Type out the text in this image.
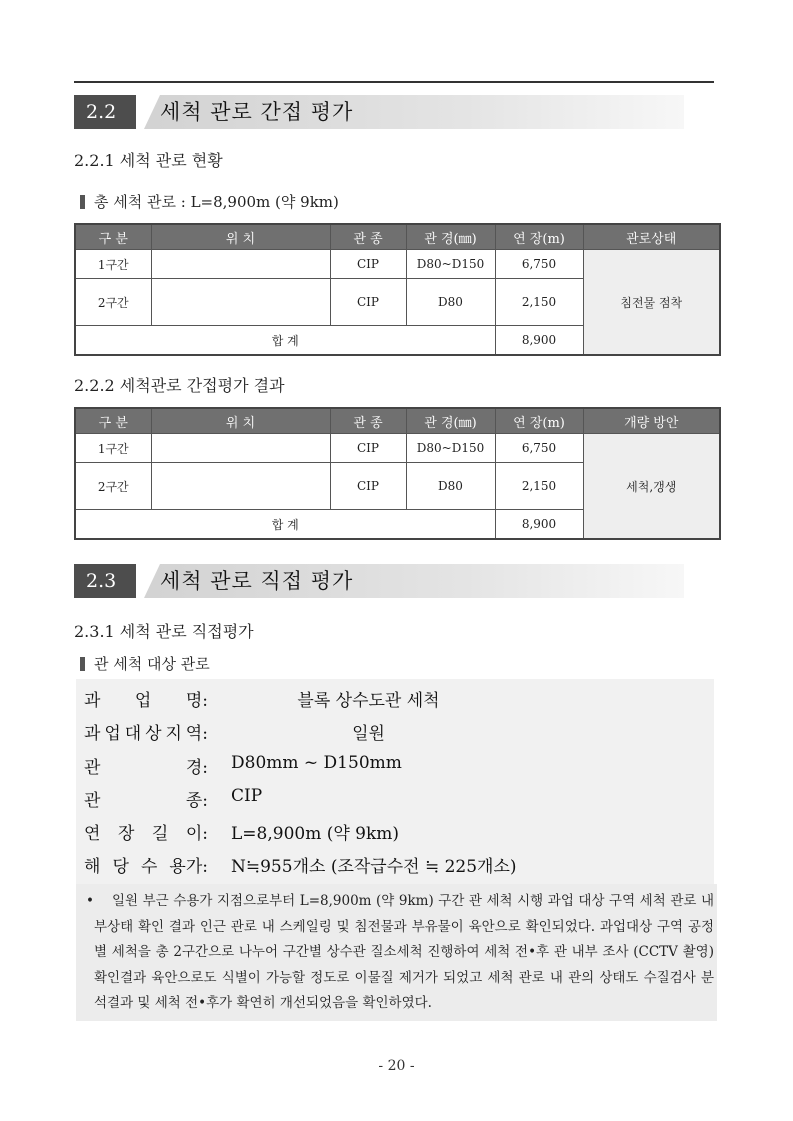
2.2	세척 관로 간접 평가
2.2.1 세척 관로 현황
총 세척 관로 : L=8,900m (약 9km)
구 분	위 치	관 종	관 경(㎜)	연 장(m)	관로상태
1구간		CIP	D80~D150	6,750	침전물 점착
2구간		CIP	D80	2,150	
합 계				8,900	
2.2.2 세척관로 간접평가 결과
구 분	위 치	관 종	관 경(㎜)	연 장(m)	개량 방안
1구간		CIP	D80~D150	6,750	세척,갱생
2구간		CIP	D80	2,150	
합 계				8,900	
2.3	세척 관로 직접 평가
2.3.1 세척 관로 직접평가
관 세척 대상 관로
과 업 명:	블록 상수도관 세척
과 업 대 상 지 역:	일원
관	경: D80mm ~ D150mm
관	종: CIP
연 장 길 이: L=8,900m (약 9km)
해 당 수 용가: N≒955개소 (조작급수전 ≒ 225개소)
• 일원 부근 수용가 지점으로부터 L=8,900m (약 9km) 구간 관 세척 시행 과업 대상 구역 세척 관로 내부상태 확인 결과 인근 관로 내 스케일링 및 침전물과 부유물이 육안으로 확인되었다. 과업대상 구역 공정별 세척을 총 2구간으로 나누어 구간별 상수관 질소세척 진행하여 세척 전•후 관 내부 조사 (CCTV 촬영) 확인결과 육안으로도 식별이 가능할 정도로 이물질 제거가 되었고 세척 관로 내 관의 상태도 수질검사 분석결과 및 세척 전•후가 확연히 개선되었음을 확인하였다.
- 20 -
